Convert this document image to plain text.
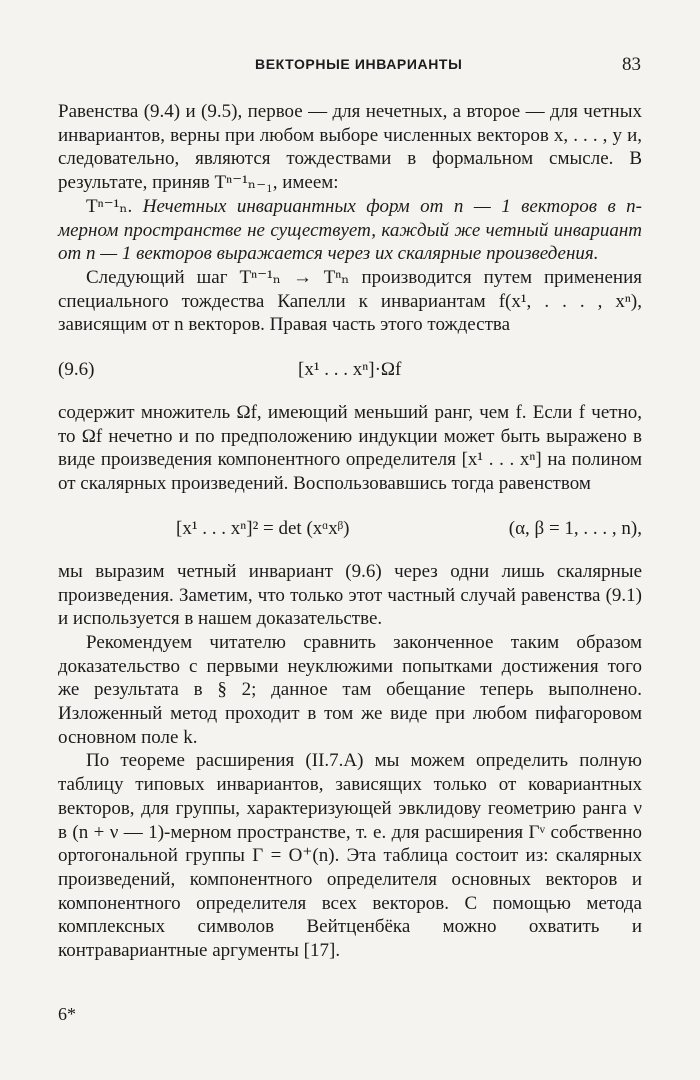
ВЕКТОРНЫЕ ИНВАРИАНТЫ	83

Равенства (9.4) и (9.5), первое — для нечетных, а второе — для четных инвариантов, верны при любом выборе численных векторов x, . . . , y и, следовательно, являются тождествами в формальном смысле. В результате, приняв Tⁿ⁻¹ₙ₋₁, имеем:

Tⁿ⁻¹ₙ. Нечетных инвариантных форм от n — 1 векторов в n-мерном пространстве не существует, каждый же четный инвариант от n — 1 векторов выражается через их скалярные произведения.

Следующий шаг Tⁿ⁻¹ₙ → Tⁿₙ производится путем применения специального тождества Капелли к инвариантам f(x¹, . . . , xⁿ), зависящим от n векторов. Правая часть этого тождества

(9.6)	[x¹ . . . xⁿ]·Ωf

содержит множитель Ωf, имеющий меньший ранг, чем f. Если f четно, то Ωf нечетно и по предположению индукции может быть выражено в виде произведения компонентного определителя [x¹ . . . xⁿ] на полином от скалярных произведений. Воспользовавшись тогда равенством

[x¹ . . . xⁿ]² = det (xᵅxᵝ)	(α, β = 1, . . . , n),

мы выразим четный инвариант (9.6) через одни лишь скалярные произведения. Заметим, что только этот частный случай равенства (9.1) и используется в нашем доказательстве.

Рекомендуем читателю сравнить законченное таким образом доказательство с первыми неуклюжими попытками достижения того же результата в § 2; данное там обещание теперь выполнено. Изложенный метод проходит в том же виде при любом пифагоровом основном поле k.

По теореме расширения (II.7.A) мы можем определить полную таблицу типовых инвариантов, зависящих только от ковариантных векторов, для группы, характеризующей эвклидову геометрию ранга ν в (n + ν — 1)-мерном пространстве, т. е. для расширения Γᵛ собственно ортогональной группы Γ = O⁺(n). Эта таблица состоит из: скалярных произведений, компонентного определителя основных векторов и компонентного определителя всех векторов. С помощью метода комплексных символов Вейтценбёка можно охватить и контравариантные аргументы [17].

6*
